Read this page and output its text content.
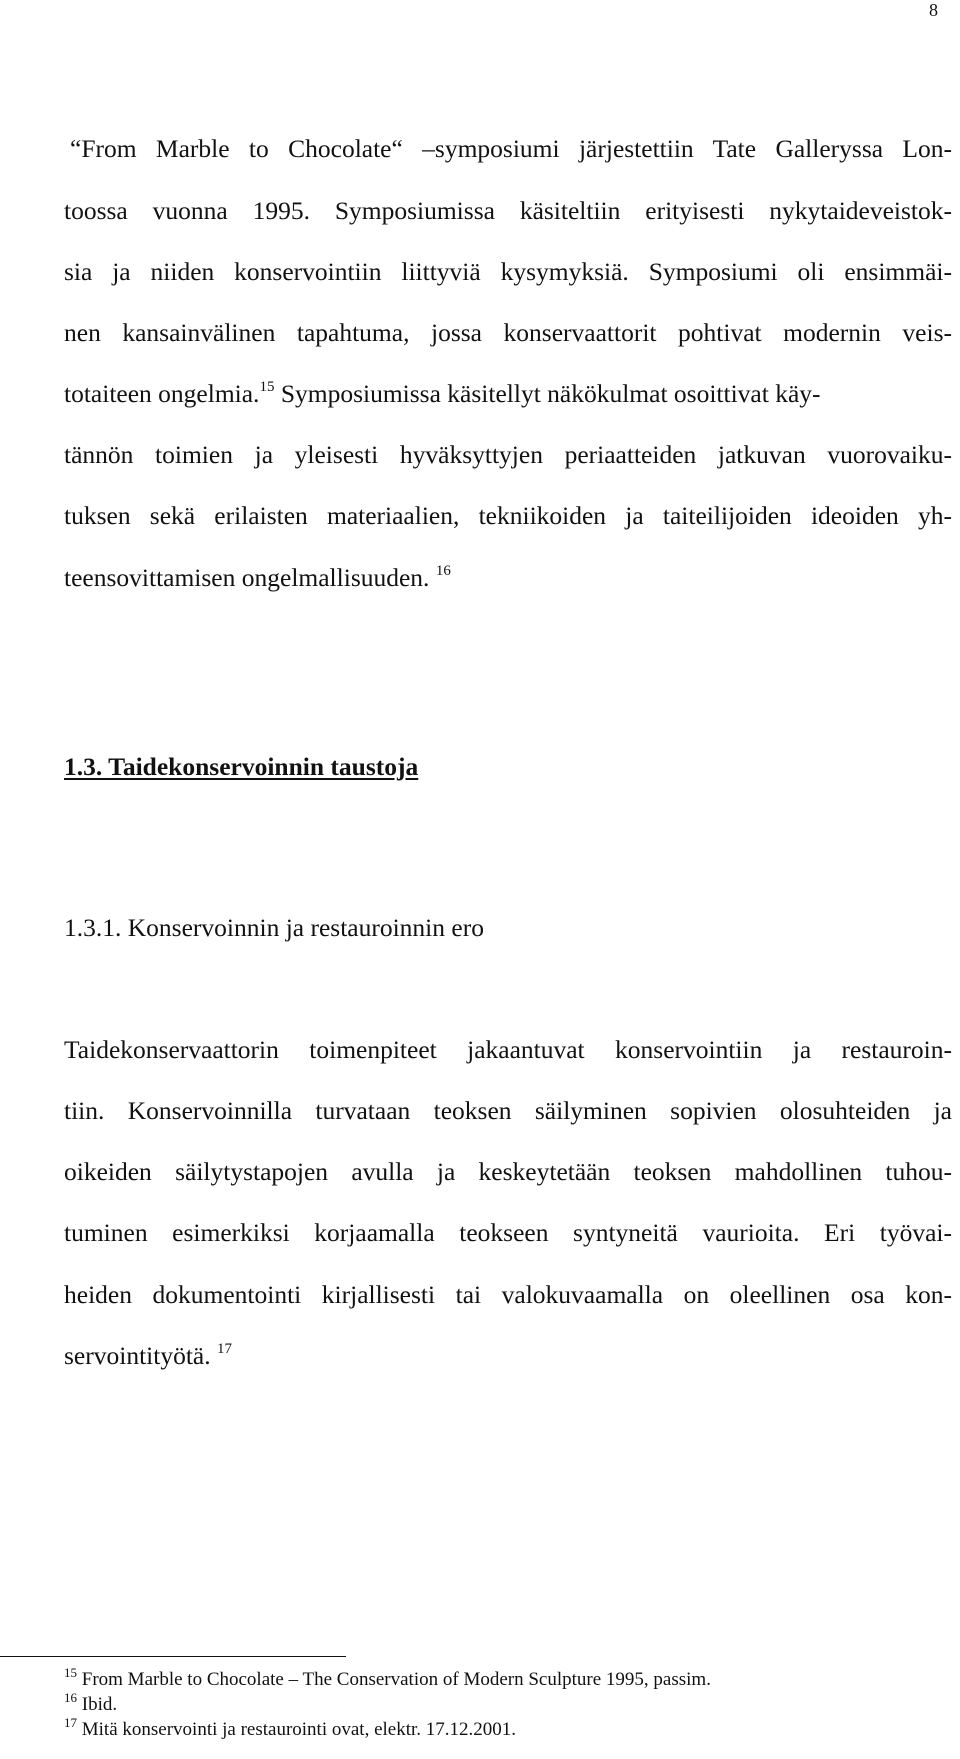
8
“From Marble to Chocolate“ –symposiumi järjestettiin Tate Galleryssa Lon-
toossa vuonna 1995. Symposiumissa käsiteltiin erityisesti nykytaideveistok-
sia ja niiden konservointiin liittyviä kysymyksiä. Symposiumi oli ensimmäi-
nen kansainvälinen tapahtuma, jossa konservaattorit pohtivat modernin veis-
totaiteen ongelmia.$^{15}$ Symposiumissa käsitellyt näkökulmat osoittivat käy-
tännön toimien ja yleisesti hyväksyttyjen periaatteiden jatkuvan vuorovaiku-
tuksen sekä erilaisten materiaalien, tekniikoiden ja taiteilijoiden ideoiden yh-
teensovittamisen ongelmallisuuden. $^{16}$
1.3. Taidekonservoinnin taustoja
1.3.1. Konservoinnin ja restauroinnin ero
Taidekonservaattorin toimenpiteet jakaantuvat konservointiin ja restauroin-
tiin. Konservoinnilla turvataan teoksen säilyminen sopivien olosuhteiden ja
oikeiden säilytystapojen avulla ja keskeytetään teoksen mahdollinen tuhou-
tuminen esimerkiksi korjaamalla teokseen syntyneitä vaurioita. Eri työvai-
heiden dokumentointi kirjallisesti tai valokuvaamalla on oleellinen osa kon-
servointityötä. $^{17}$
$^{15}$ From Marble to Chocolate – The Conservation of Modern Sculpture 1995, passim.
$^{16}$ Ibid.
$^{17}$ Mitä konservointi ja restaurointi ovat, elektr. 17.12.2001.
